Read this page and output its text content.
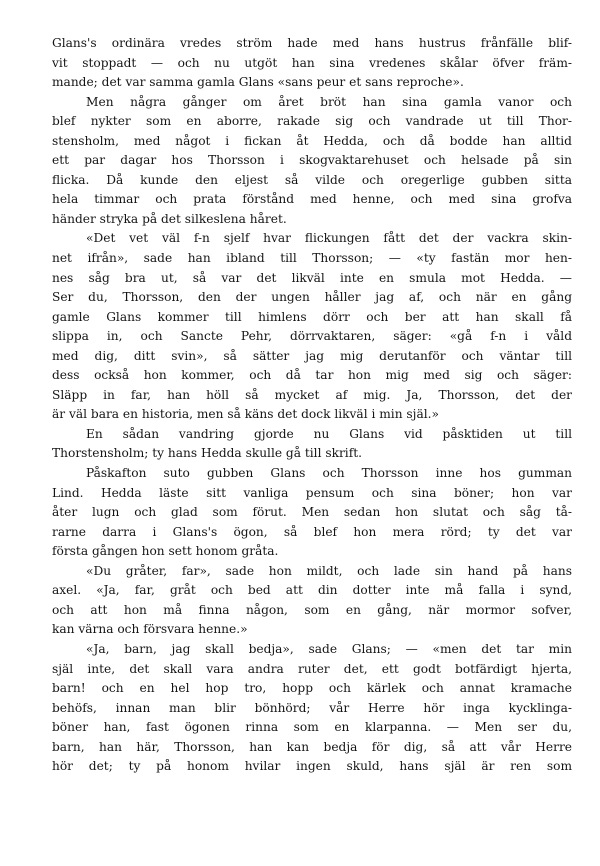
Glans's ordinära vredes ström hade med hans hustrus frånfälle blif-
vit stoppadt — och nu utgöt han sina vredenes skålar öfver främ-
mande; det var samma gamla Glans «sans peur et sans reproche».
Men några gånger om året bröt han sina gamla vanor och
blef nykter som en aborre, rakade sig och vandrade ut till Thor-
stensholm, med något i fickan åt Hedda, och då bodde han alltid
ett par dagar hos Thorsson i skogvaktarehuset och helsade på sin
flicka. Då kunde den eljest så vilde och oregerlige gubben sitta
hela timmar och prata förstånd med henne, och med sina grofva
händer stryka på det silkeslena håret.
«Det vet väl f-n sjelf hvar flickungen fått det der vackra skin-
net ifrån», sade han ibland till Thorsson; — «ty fastän mor hen-
nes såg bra ut, så var det likväl inte en smula mot Hedda. —
Ser du, Thorsson, den der ungen håller jag af, och när en gång
gamle Glans kommer till himlens dörr och ber att han skall få
slippa in, och Sancte Pehr, dörrvaktaren, säger: «gå f-n i våld
med dig, ditt svin», så sätter jag mig derutanför och väntar till
dess också hon kommer, och då tar hon mig med sig och säger:
Släpp in far, han höll så mycket af mig. Ja, Thorsson, det der
är väl bara en historia, men så käns det dock likväl i min själ.»
En sådan vandring gjorde nu Glans vid påsktiden ut till
Thorstensholm; ty hans Hedda skulle gå till skrift.
Påskafton suto gubben Glans och Thorsson inne hos gumman
Lind. Hedda läste sitt vanliga pensum och sina böner; hon var
åter lugn och glad som förut. Men sedan hon slutat och såg tå-
rarne darra i Glans's ögon, så blef hon mera rörd; ty det var
första gången hon sett honom gråta.
«Du gråter, far», sade hon mildt, och lade sin hand på hans
axel. «Ja, far, gråt och bed att din dotter inte må falla i synd,
och att hon må finna någon, som en gång, när mormor sofver,
kan värna och försvara henne.»
«Ja, barn, jag skall bedja», sade Glans; — «men det tar min
själ inte, det skall vara andra ruter det, ett godt botfärdigt hjerta,
barn! och en hel hop tro, hopp och kärlek och annat kramache
behöfs, innan man blir bönhörd; vår Herre hör inga kycklinga-
böner han, fast ögonen rinna som en klarpanna. — Men ser du,
barn, han här, Thorsson, han kan bedja för dig, så att vår Herre
hör det; ty på honom hvilar ingen skuld, hans själ är ren som
